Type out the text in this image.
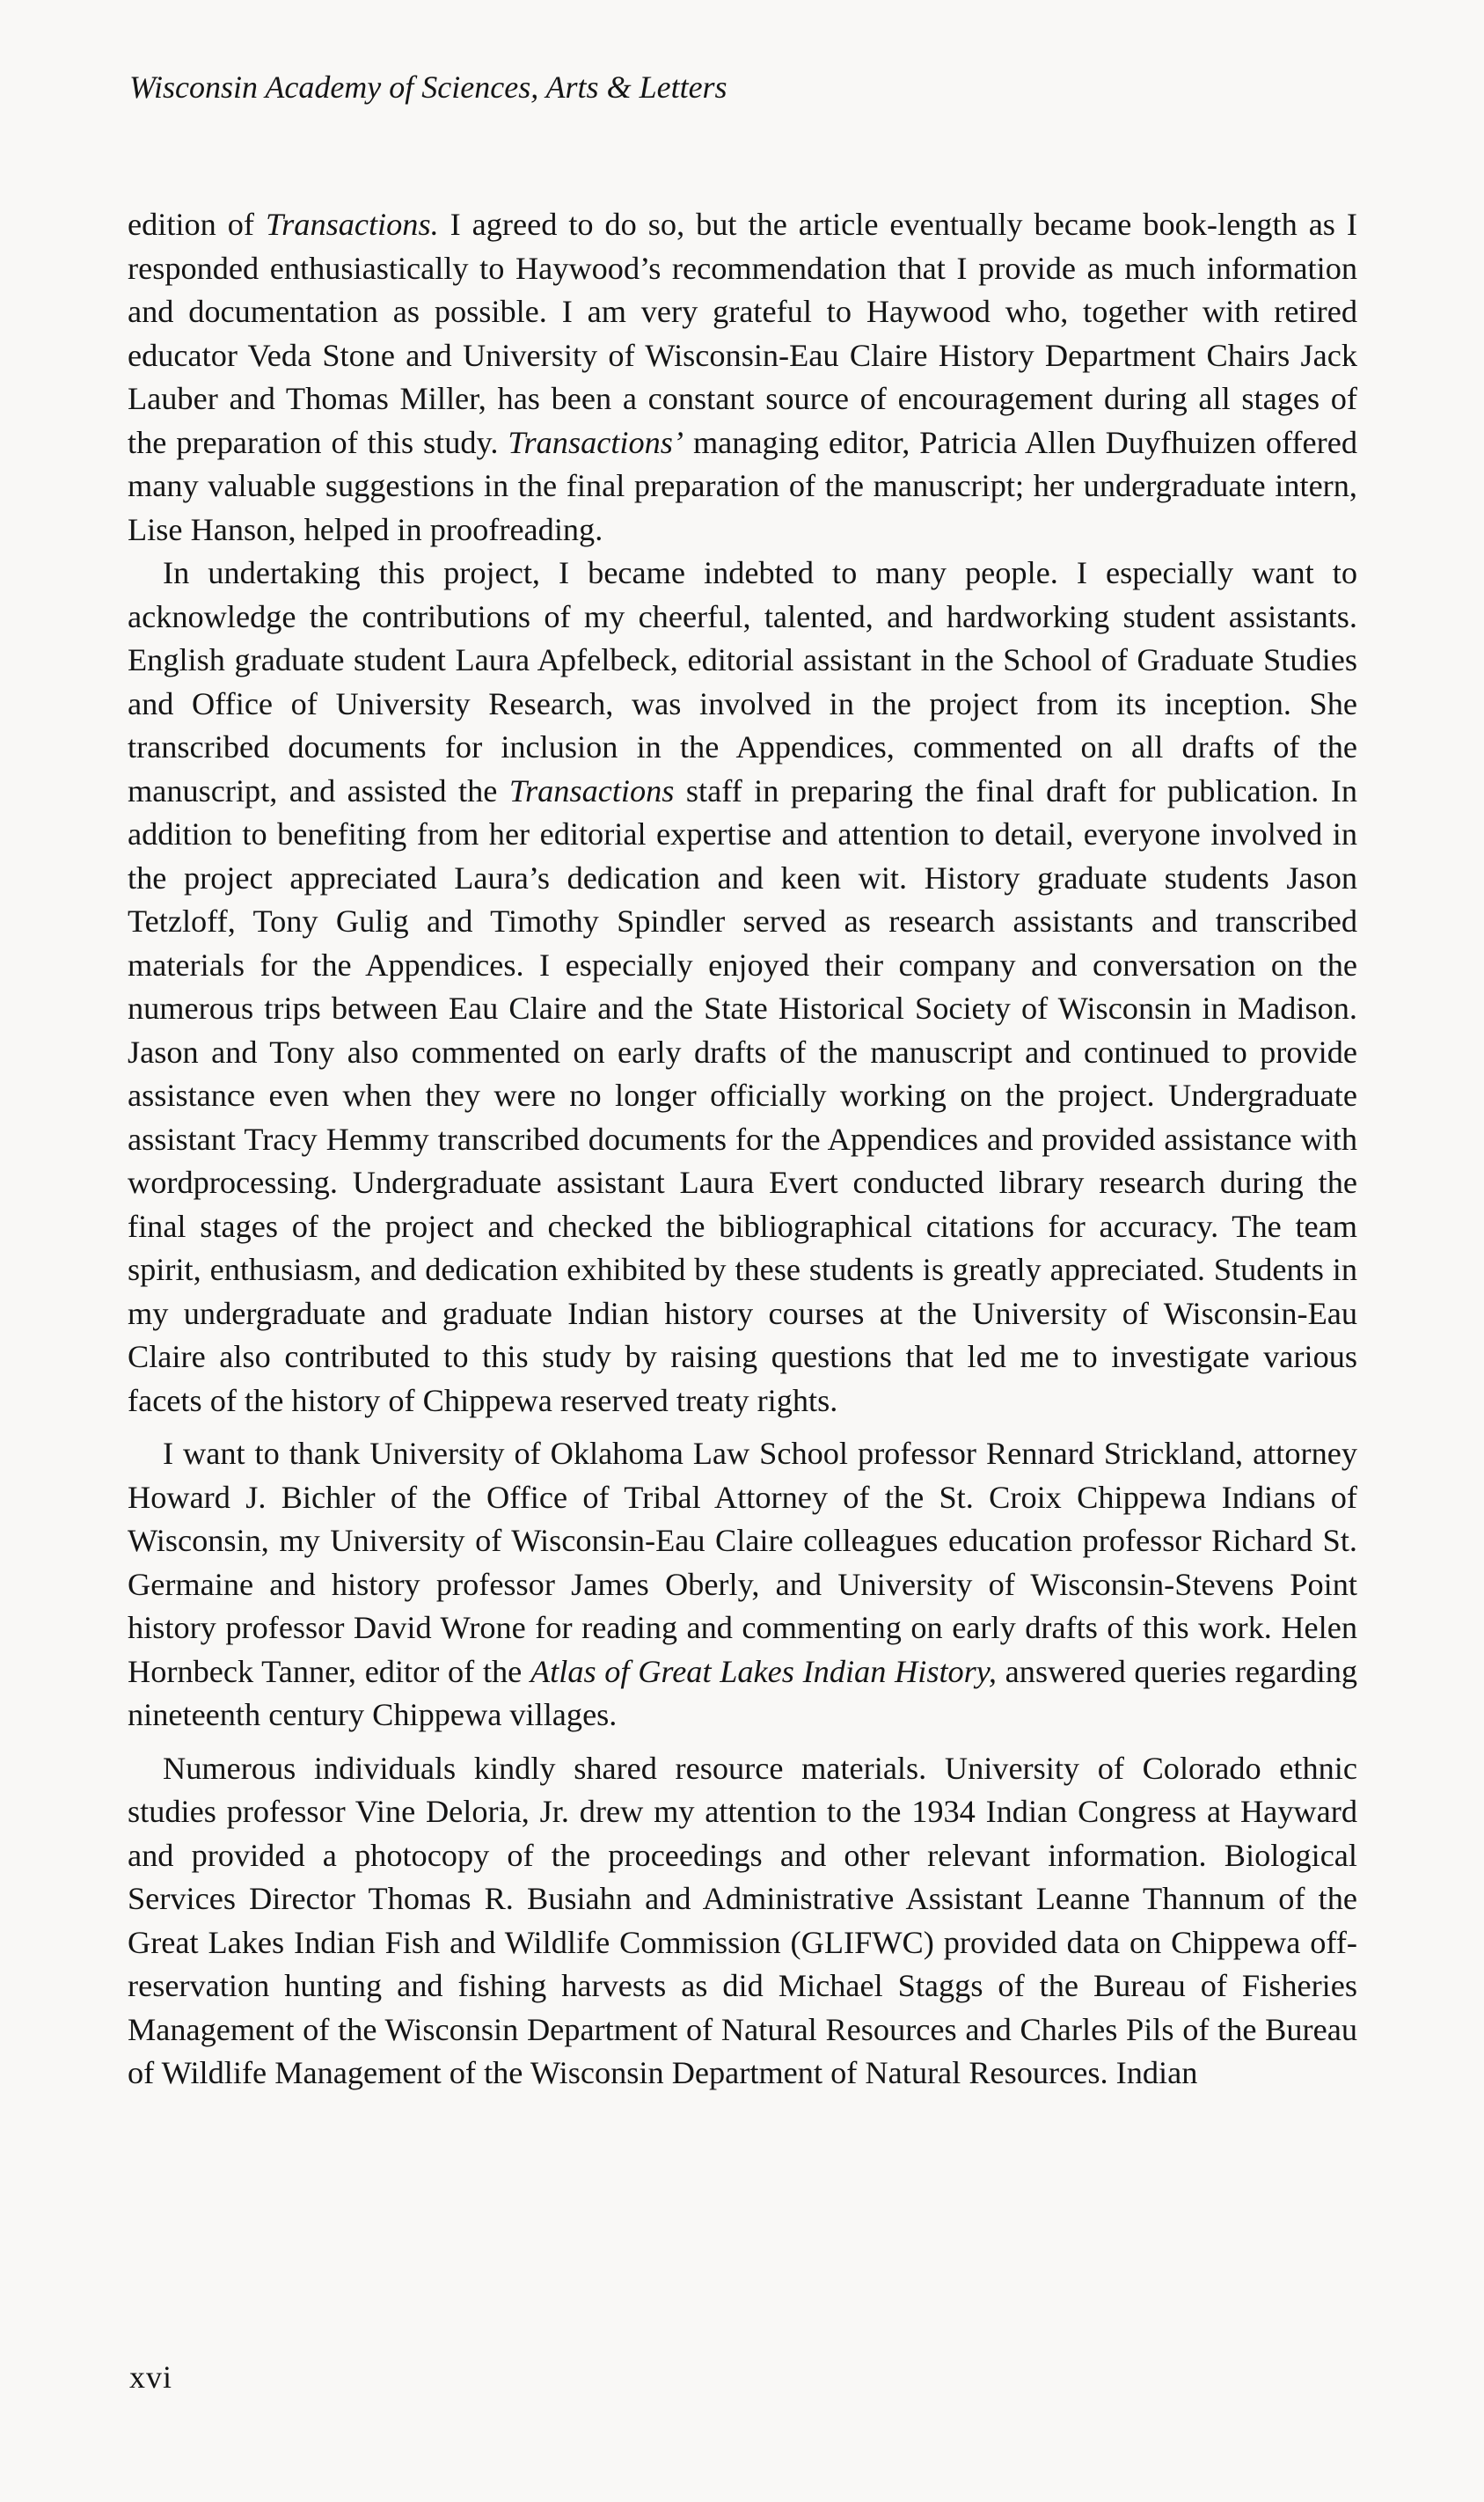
Wisconsin Academy of Sciences, Arts & Letters

edition of Transactions. I agreed to do so, but the article eventually became book-length as I responded enthusiastically to Haywood’s recommendation that I provide as much information and documentation as possible. I am very grateful to Haywood who, together with retired educator Veda Stone and University of Wisconsin-Eau Claire History Department Chairs Jack Lauber and Thomas Miller, has been a constant source of encouragement during all stages of the preparation of this study. Transactions’ managing editor, Patricia Allen Duyfhuizen offered many valuable suggestions in the final preparation of the manuscript; her undergraduate intern, Lise Hanson, helped in proofreading.

In undertaking this project, I became indebted to many people. I especially want to acknowledge the contributions of my cheerful, talented, and hardworking student assistants. English graduate student Laura Apfelbeck, editorial assistant in the School of Graduate Studies and Office of University Research, was involved in the project from its inception. She transcribed documents for inclusion in the Appendices, commented on all drafts of the manuscript, and assisted the Transactions staff in preparing the final draft for publication. In addition to benefiting from her editorial expertise and attention to detail, everyone involved in the project appreciated Laura’s dedication and keen wit. History graduate students Jason Tetzloff, Tony Gulig and Timothy Spindler served as research assistants and transcribed materials for the Appendices. I especially enjoyed their company and conversation on the numerous trips between Eau Claire and the State Historical Society of Wisconsin in Madison. Jason and Tony also commented on early drafts of the manuscript and continued to provide assistance even when they were no longer officially working on the project. Undergraduate assistant Tracy Hemmy transcribed documents for the Appendices and provided assistance with wordprocessing. Undergraduate assistant Laura Evert conducted library research during the final stages of the project and checked the bibliographical citations for accuracy. The team spirit, enthusiasm, and dedication exhibited by these students is greatly appreciated. Students in my undergraduate and graduate Indian history courses at the University of Wisconsin-Eau Claire also contributed to this study by raising questions that led me to investigate various facets of the history of Chippewa reserved treaty rights.

I want to thank University of Oklahoma Law School professor Rennard Strickland, attorney Howard J. Bichler of the Office of Tribal Attorney of the St. Croix Chippewa Indians of Wisconsin, my University of Wisconsin-Eau Claire colleagues education professor Richard St. Germaine and history professor James Oberly, and University of Wisconsin-Stevens Point history professor David Wrone for reading and commenting on early drafts of this work. Helen Hornbeck Tanner, editor of the Atlas of Great Lakes Indian History, answered queries regarding nineteenth century Chippewa villages.

Numerous individuals kindly shared resource materials. University of Colorado ethnic studies professor Vine Deloria, Jr. drew my attention to the 1934 Indian Congress at Hayward and provided a photocopy of the proceedings and other relevant information. Biological Services Director Thomas R. Busiahn and Administrative Assistant Leanne Thannum of the Great Lakes Indian Fish and Wildlife Commission (GLIFWC) provided data on Chippewa off-reservation hunting and fishing harvests as did Michael Staggs of the Bureau of Fisheries Management of the Wisconsin Department of Natural Resources and Charles Pils of the Bureau of Wildlife Management of the Wisconsin Department of Natural Resources. Indian

xvi
